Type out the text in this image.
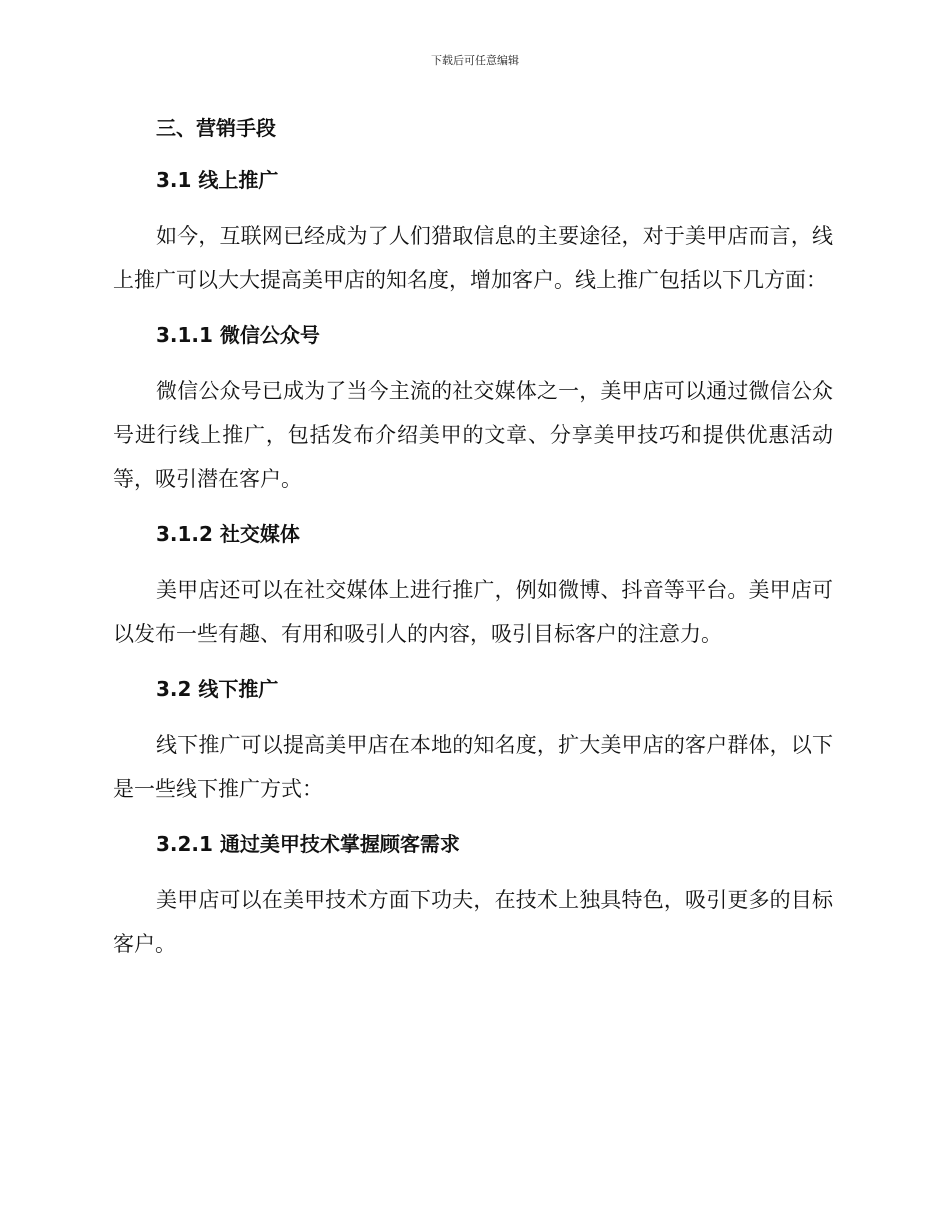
下载后可任意编辑
三、营销手段
3.1 线上推广

如今，互联网已经成为了人们猎取信息的主要途径，对于美甲店而言，线上推广可以大大提高美甲店的知名度，增加客户。线上推广包括以下几方面：

3.1.1 微信公众号

微信公众号已成为了当今主流的社交媒体之一，美甲店可以通过微信公众号进行线上推广，包括发布介绍美甲的文章、分享美甲技巧和提供优惠活动等，吸引潜在客户。

3.1.2 社交媒体

美甲店还可以在社交媒体上进行推广，例如微博、抖音等平台。美甲店可以发布一些有趣、有用和吸引人的内容，吸引目标客户的注意力。

3.2 线下推广

线下推广可以提高美甲店在本地的知名度，扩大美甲店的客户群体，以下是一些线下推广方式：

3.2.1 通过美甲技术掌握顾客需求

美甲店可以在美甲技术方面下功夫，在技术上独具特色，吸引更多的目标客户。
